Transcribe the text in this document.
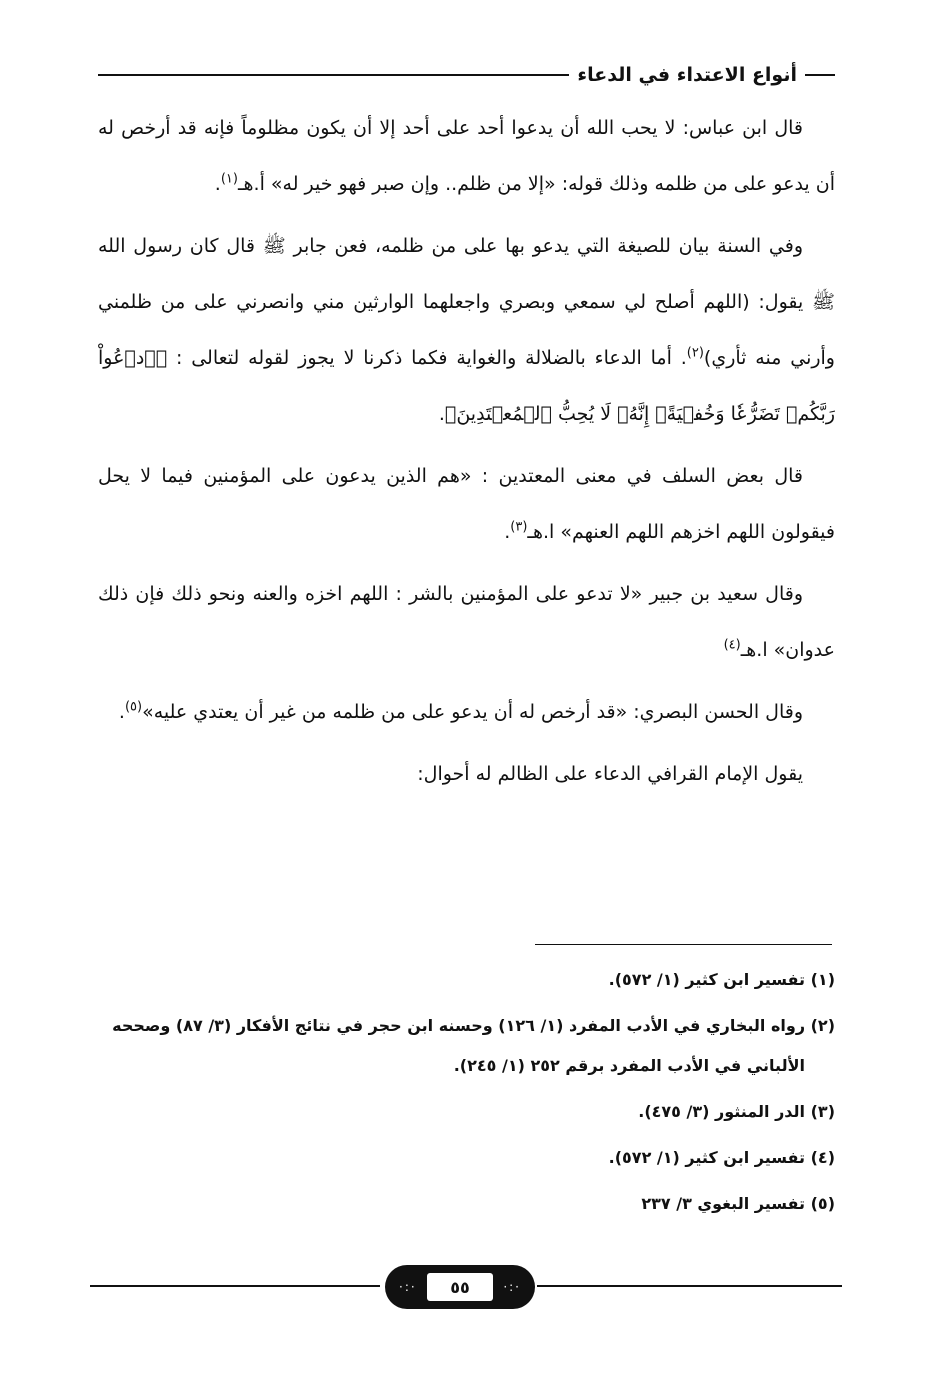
أنواع الاعتداء في الدعاء

قال ابن عباس: لا يحب الله أن يدعوا أحد على أحد إلا أن يكون مظلوماً فإنه قد أرخص له أن يدعو على من ظلمه وذلك قوله: «إلا من ظلم.. وإن صبر فهو خير له» أ.هـ$^{(١)}$.

وفي السنة بيان للصيغة التي يدعو بها على من ظلمه، فعن جابر ﷺ قال كان رسول الله ﷺ يقول: (اللهم أصلح لي سمعي وبصري واجعلهما الوارثين مني وانصرني على من ظلمني وأرني منه ثأري)$^{(٢)}$. أما الدعاء بالضلالة والغواية فكما ذكرنا لا يجوز لقوله لتعالى : ﴿ٱدۡعُواْ رَبَّكُمۡ تَضَرُّعٗا وَخُفۡيَةًۚ إِنَّهُۥ لَا يُحِبُّ ٱلۡمُعۡتَدِينَ﴾.

قال بعض السلف في معنى المعتدين : «هم الذين يدعون على المؤمنين فيما لا يحل فيقولون اللهم اخزهم اللهم العنهم» ا.هـ$^{(٣)}$.

وقال سعيد بن جبير «لا تدعو على المؤمنين بالشر : اللهم اخزه والعنه ونحو ذلك فإن ذلك عدوان» ا.هـ$^{(٤)}$

وقال الحسن البصري: «قد أرخص له أن يدعو على من ظلمه من غير أن يعتدي عليه»$^{(٥)}$.

يقول الإمام القرافي الدعاء على الظالم له أحوال:

(١) تفسير ابن كثير (١/ ٥٧٢).

(٢) رواه البخاري في الأدب المفرد (١/ ١٢٦) وحسنه ابن حجر في نتائج الأفكار (٣/ ٨٧) وصححه
الألباني في الأدب المفرد برقم ٢٥٢ (١/ ٢٤٥).

(٣) الدر المنثور (٣/ ٤٧٥).

(٤) تفسير ابن كثير (١/ ٥٧٢).

(٥) تفسير البغوي ٣/ ٢٣٧

·:· ٥٥	·:·
